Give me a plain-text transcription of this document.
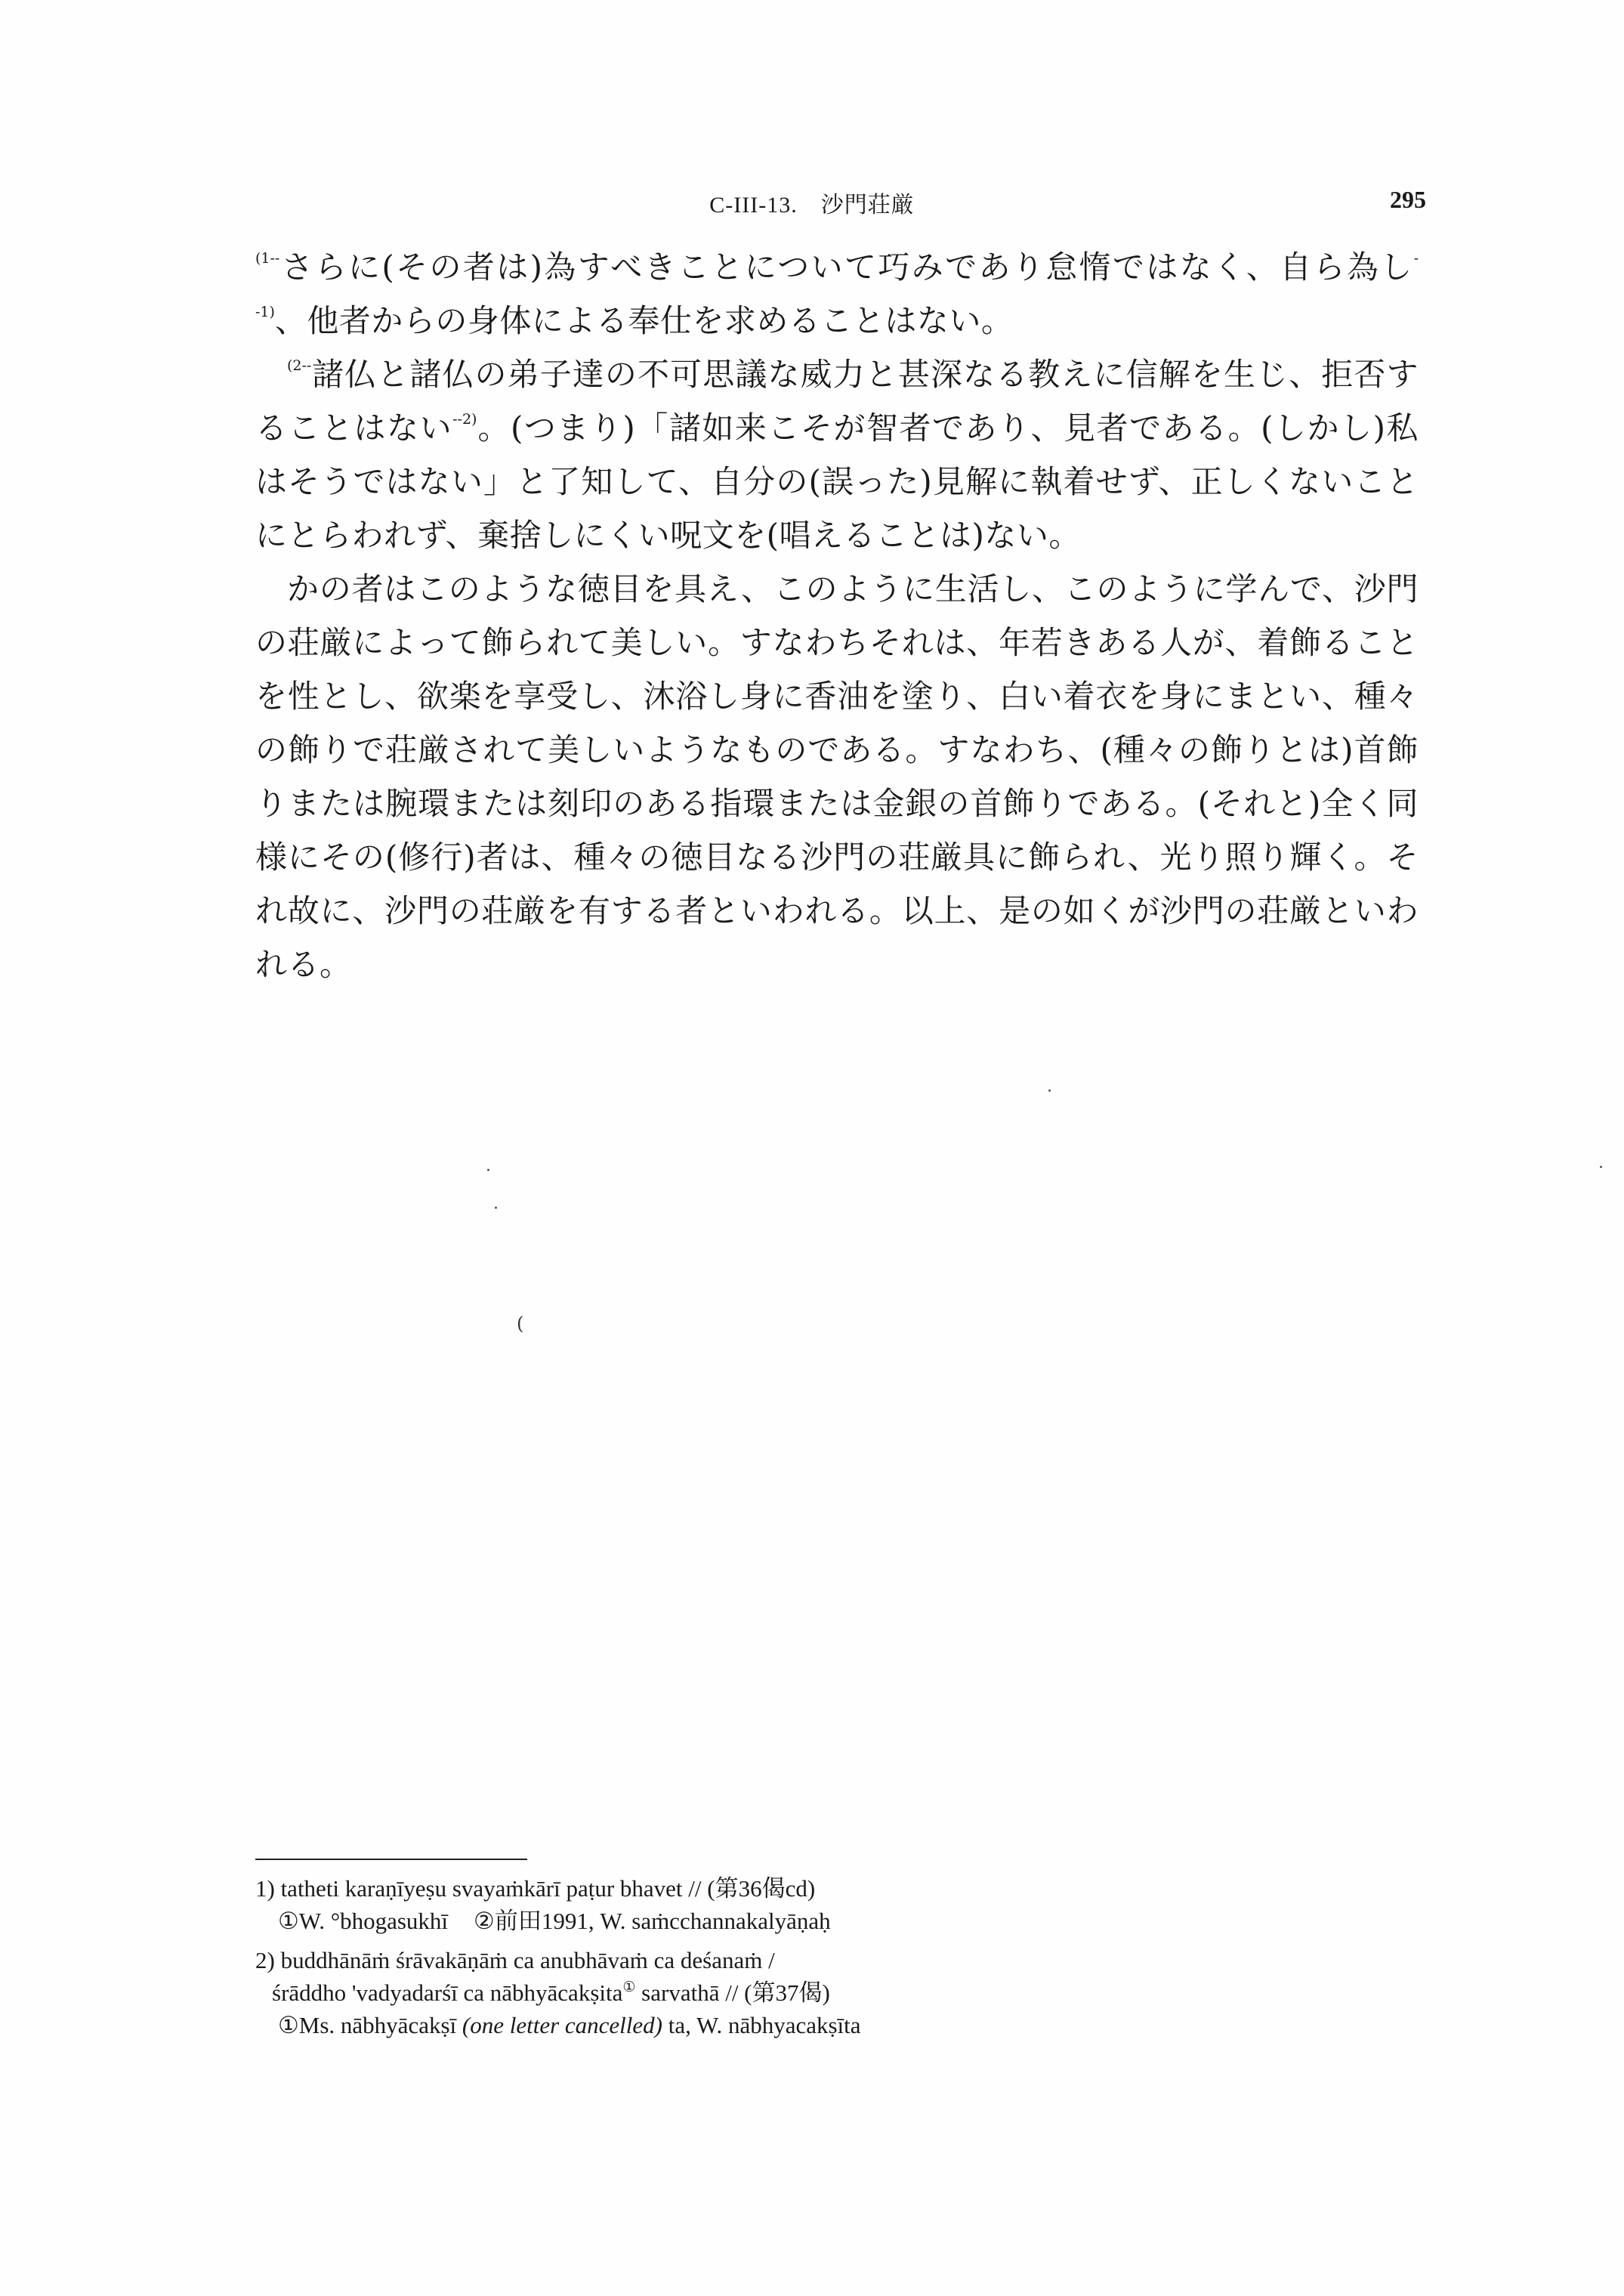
C-III-13.　沙門荘厳	295

$^{(1--}$さらに(その者は)為すべきことについて巧みであり怠惰ではなく、自ら為し$^{--1)}$、他者からの身体による奉仕を求めることはない。

$^{(2--}$諸仏と諸仏の弟子達の不可思議な威力と甚深なる教えに信解を生じ、拒否することはない$^{--2)}$。(つまり)「諸如来こそが智者であり、見者である。(しかし)私はそうではない」と了知して、自分の(誤った)見解に執着せず、正しくないことにとらわれず、棄捨しにくい呪文を(唱えることは)ない。

かの者はこのような徳目を具え、このように生活し、このように学んで、沙門の荘厳によって飾られて美しい。すなわちそれは、年若きある人が、着飾ることを性とし、欲楽を享受し、沐浴し身に香油を塗り、白い着衣を身にまとい、種々の飾りで荘厳されて美しいようなものである。すなわち、(種々の飾りとは)首飾りまたは腕環または刻印のある指環または金銀の首飾りである。(それと)全く同様にその(修行)者は、種々の徳目なる沙門の荘厳具に飾られ、光り照り輝く。それ故に、沙門の荘厳を有する者といわれる。以上、是の如くが沙門の荘厳といわれる。

(
1) tatheti karaṇīyeṣu svayaṁkārī paṭur bhavet // (第36偈cd)
①W. °bhogasukhī ②前田1991, W. saṁcchannakalyāṇaḥ
2) buddhānāṁ śrāvakāṇāṁ ca anubhāvaṁ ca deśanaṁ /
śrāddho 'vadyadarśī ca nābhyācakṣita① sarvathā // (第37偈)
①Ms. nābhyācakṣī (one letter cancelled) ta, W. nābhyacakṣīta
